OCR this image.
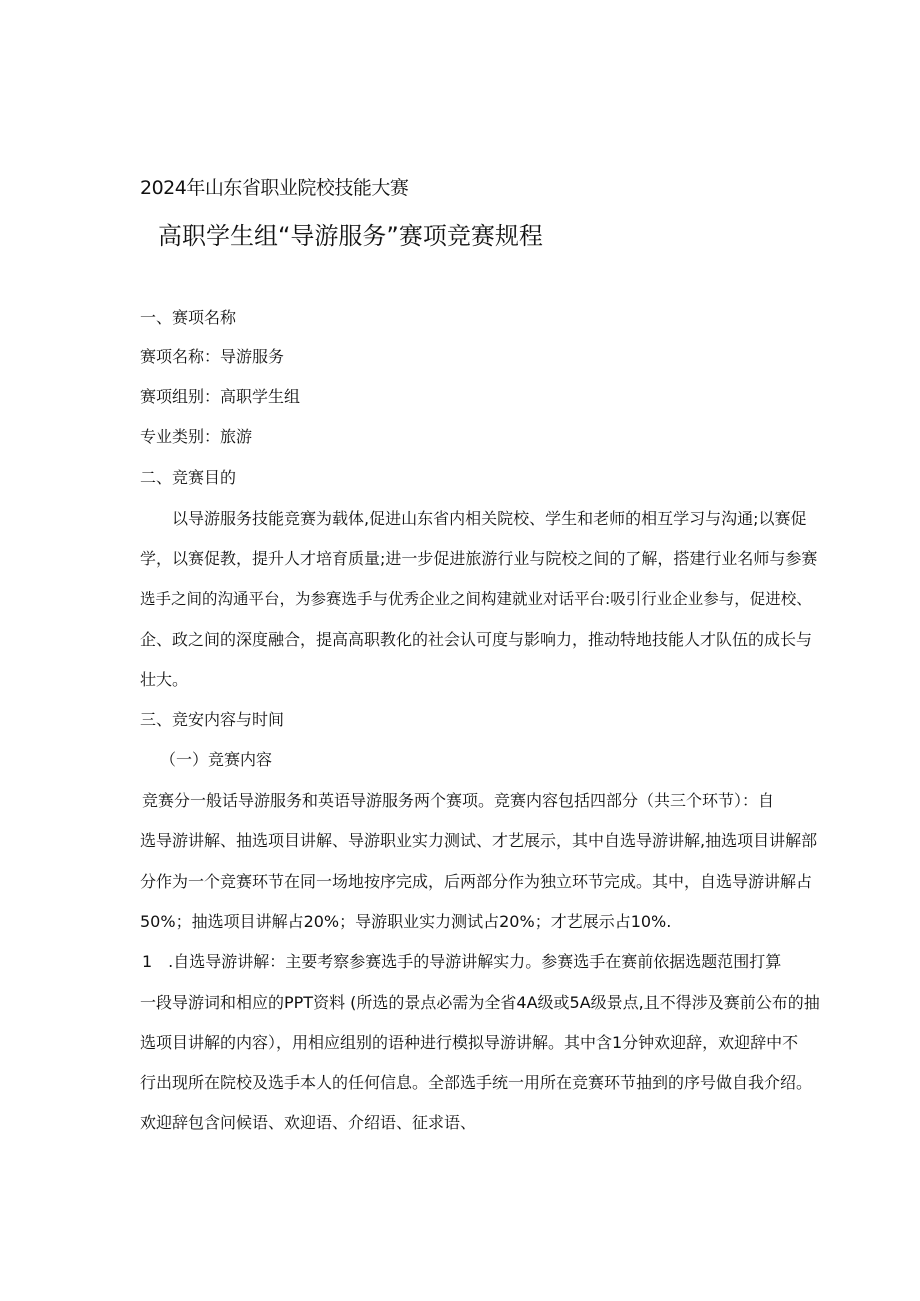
2024年山东省职业院校技能大赛
高职学生组“导游服务”赛项竞赛规程
一、赛项名称
赛项名称：导游服务
赛项组别：高职学生组
专业类别：旅游
二、竞赛目的
以导游服务技能竞赛为载体,促进山东省内相关院校、学生和老师的相互学习与沟通;以赛促
学，以赛促教，提升人才培育质量;进一步促进旅游行业与院校之间的了解，搭建行业名师与参赛
选手之间的沟通平台，为参赛选手与优秀企业之间构建就业对话平台:吸引行业企业参与，促进校、
企、政之间的深度融合，提高高职教化的社会认可度与影响力，推动特地技能人才队伍的成长与
壮大。
三、竞安内容与时间
（一）竞赛内容
竞赛分一般话导游服务和英语导游服务两个赛项。竞赛内容包括四部分（共三个环节）：自
选导游讲解、抽选项目讲解、导游职业实力测试、才艺展示，其中自选导游讲解,抽选项目讲解部
分作为一个竞赛环节在同一场地按序完成，后两部分作为独立环节完成。其中，自选导游讲解占
50%；抽选项目讲解占20%；导游职业实力测试占20%；才艺展示占10%.
1　.自选导游讲解：主要考察参赛选手的导游讲解实力。参赛选手在赛前依据选题范围打算
一段导游词和相应的PPT资料 (所选的景点必需为全省4A级或5A级景点,且不得涉及赛前公布的抽
选项目讲解的内容），用相应组别的语种进行模拟导游讲解。其中含1分钟欢迎辞，欢迎辞中不
行出现所在院校及选手本人的任何信息。全部选手统一用所在竞赛环节抽到的序号做自我介绍。
欢迎辞包含问候语、欢迎语、介绍语、征求语、
